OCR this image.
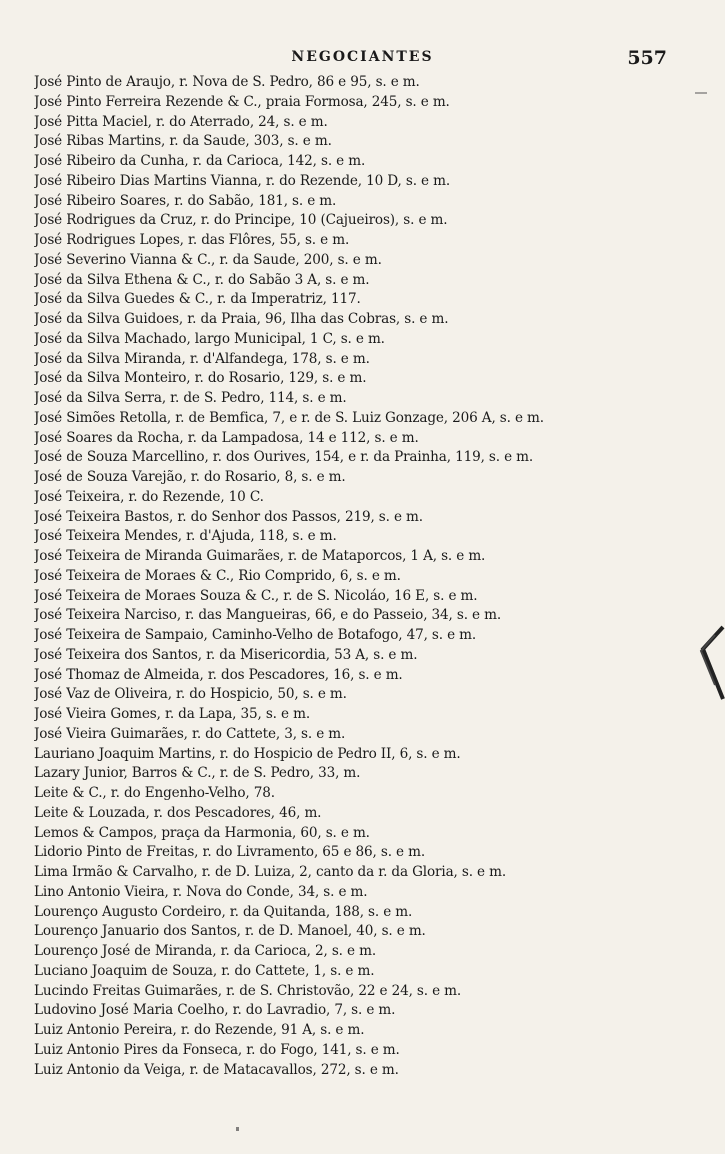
NEGOCIANTES	557
José Pinto de Araujo, r. Nova de S. Pedro, 86 e 95, s. e m.
José Pinto Ferreira Rezende & C., praia Formosa, 245, s. e m.
José Pitta Maciel, r. do Aterrado, 24, s. e m.
José Ribas Martins, r. da Saude, 303, s. e m.
José Ribeiro da Cunha, r. da Carioca, 142, s. e m.
José Ribeiro Dias Martins Vianna, r. do Rezende, 10 D, s. e m.
José Ribeiro Soares, r. do Sabão, 181, s. e m.
José Rodrigues da Cruz, r. do Principe, 10 (Cajueiros), s. e m.
José Rodrigues Lopes, r. das Flôres, 55, s. e m.
José Severino Vianna & C., r. da Saude, 200, s. e m.
José da Silva Ethena & C., r. do Sabão 3 A, s. e m.
José da Silva Guedes & C., r. da Imperatriz, 117.
José da Silva Guidoes, r. da Praia, 96, Ilha das Cobras, s. e m.
José da Silva Machado, largo Municipal, 1 C, s. e m.
José da Silva Miranda, r. d'Alfandega, 178, s. e m.
José da Silva Monteiro, r. do Rosario, 129, s. e m.
José da Silva Serra, r. de S. Pedro, 114, s. e m.
José Simões Retolla, r. de Bemfica, 7, e r. de S. Luiz Gonzage, 206 A, s. e m.
José Soares da Rocha, r. da Lampadosa, 14 e 112, s. e m.
José de Souza Marcellino, r. dos Ourives, 154, e r. da Prainha, 119, s. e m.
José de Souza Varejão, r. do Rosario, 8, s. e m.
José Teixeira, r. do Rezende, 10 C.
José Teixeira Bastos, r. do Senhor dos Passos, 219, s. e m.
José Teixeira Mendes, r. d'Ajuda, 118, s. e m.
José Teixeira de Miranda Guimarães, r. de Mataporcos, 1 A, s. e m.
José Teixeira de Moraes & C., Rio Comprido, 6, s. e m.
José Teixeira de Moraes Souza & C., r. de S. Nicoláo, 16 E, s. e m.
José Teixeira Narciso, r. das Mangueiras, 66, e do Passeio, 34, s. e m.
José Teixeira de Sampaio, Caminho-Velho de Botafogo, 47, s. e m.
José Teixeira dos Santos, r. da Misericordia, 53 A, s. e m.
José Thomaz de Almeida, r. dos Pescadores, 16, s. e m.
José Vaz de Oliveira, r. do Hospicio, 50, s. e m.
José Vieira Gomes, r. da Lapa, 35, s. e m.
José Vieira Guimarães, r. do Cattete, 3, s. e m.
Lauriano Joaquim Martins, r. do Hospicio de Pedro II, 6, s. e m.
Lazary Junior, Barros & C., r. de S. Pedro, 33, m.
Leite & C., r. do Engenho-Velho, 78.
Leite & Louzada, r. dos Pescadores, 46, m.
Lemos & Campos, praça da Harmonia, 60, s. e m.
Lidorio Pinto de Freitas, r. do Livramento, 65 e 86, s. e m.
Lima Irmão & Carvalho, r. de D. Luiza, 2, canto da r. da Gloria, s. e m.
Lino Antonio Vieira, r. Nova do Conde, 34, s. e m.
Lourenço Augusto Cordeiro, r. da Quitanda, 188, s. e m.
Lourenço Januario dos Santos, r. de D. Manoel, 40, s. e m.
Lourenço José de Miranda, r. da Carioca, 2, s. e m.
Luciano Joaquim de Souza, r. do Cattete, 1, s. e m.
Lucindo Freitas Guimarães, r. de S. Christovão, 22 e 24, s. e m.
Ludovino José Maria Coelho, r. do Lavradio, 7, s. e m.
Luiz Antonio Pereira, r. do Rezende, 91 A, s. e m.
Luiz Antonio Pires da Fonseca, r. do Fogo, 141, s. e m.
Luiz Antonio da Veiga, r. de Matacavallos, 272, s. e m.
